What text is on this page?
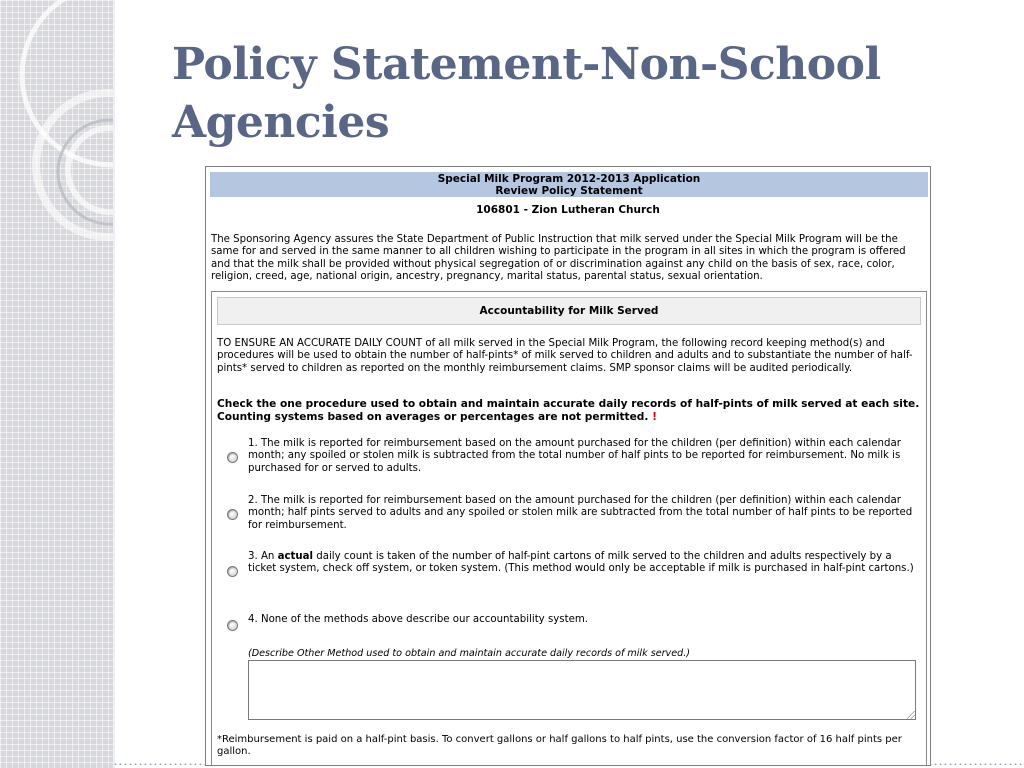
Policy Statement-Non-School
Agencies
Special Milk Program 2012-2013 Application
Review Policy Statement
106801 - Zion Lutheran Church

The Sponsoring Agency assures the State Department of Public Instruction that milk served under the Special Milk Program will be the same for and served in the same manner to all children wishing to participate in the program in all sites in which the program is offered and that the milk shall be provided without physical segregation of or discrimination against any child on the basis of sex, race, color, religion, creed, age, national origin, ancestry, pregnancy, marital status, parental status, sexual orientation.

Accountability for Milk Served

TO ENSURE AN ACCURATE DAILY COUNT of all milk served in the Special Milk Program, the following record keeping method(s) and procedures will be used to obtain the number of half-pints* of milk served to children and adults and to substantiate the number of half-pints* served to children as reported on the monthly reimbursement claims. SMP sponsor claims will be audited periodically.

Check the one procedure used to obtain and maintain accurate daily records of half-pints of milk served at each site. Counting systems based on averages or percentages are not permitted. !

1. The milk is reported for reimbursement based on the amount purchased for the children (per definition) within each calendar month; any spoiled or stolen milk is subtracted from the total number of half pints to be reported for reimbursement. No milk is purchased for or served to adults.

2. The milk is reported for reimbursement based on the amount purchased for the children (per definition) within each calendar month; half pints served to adults and any spoiled or stolen milk are subtracted from the total number of half pints to be reported for reimbursement.

3. An actual daily count is taken of the number of half-pint cartons of milk served to the children and adults respectively by a ticket system, check off system, or token system. (This method would only be acceptable if milk is purchased in half-pint cartons.)

4. None of the methods above describe our accountability system.

(Describe Other Method used to obtain and maintain accurate daily records of milk served.)

*Reimbursement is paid on a half-pint basis. To convert gallons or half gallons to half pints, use the conversion factor of 16 half pints per gallon.
